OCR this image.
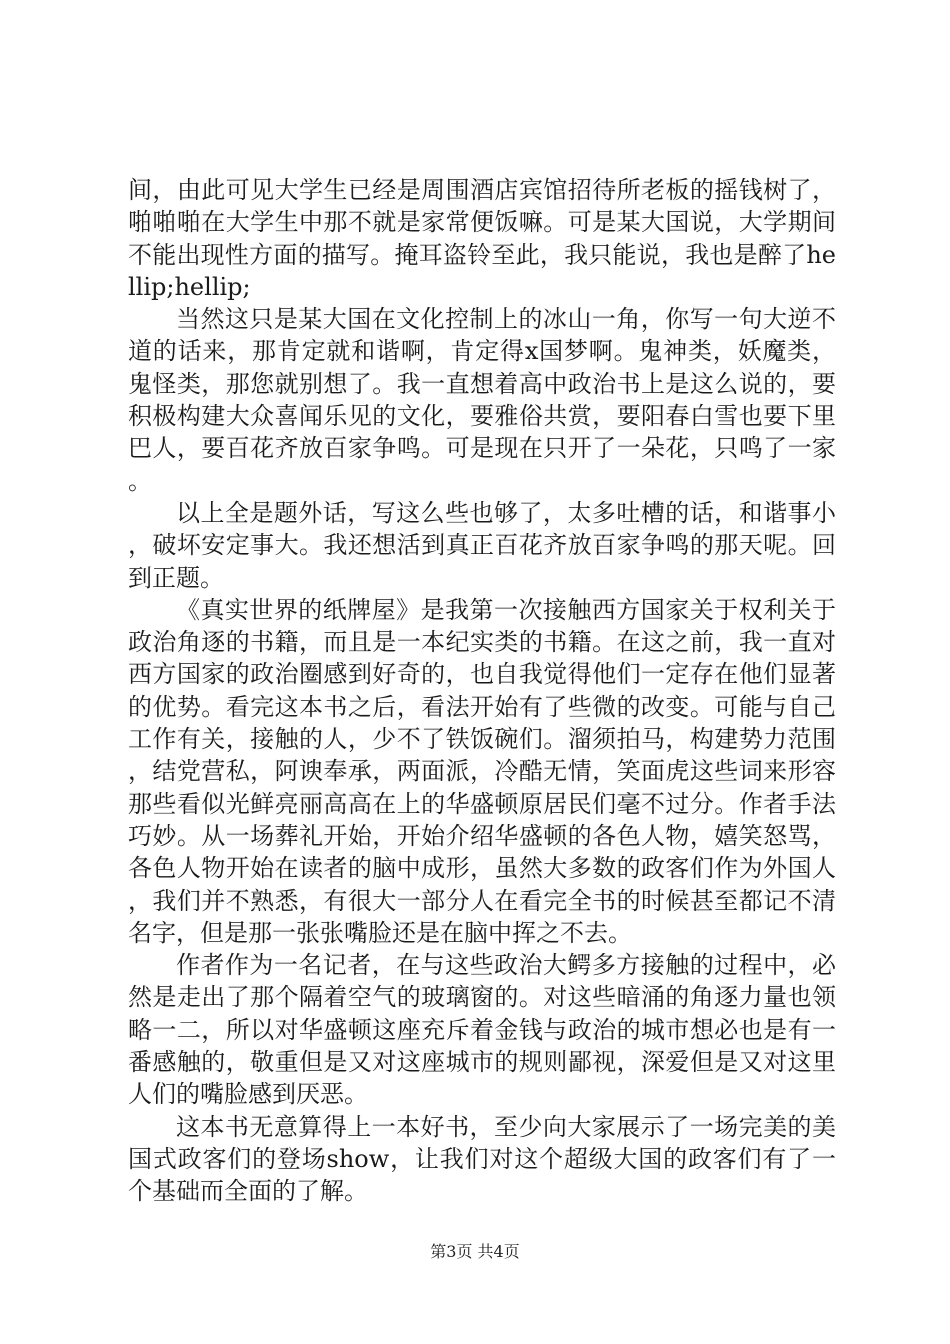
间，由此可见大学生已经是周围酒店宾馆招待所老板的摇钱树了，啪啪啪在大学生中那不就是家常便饭嘛。可是某大国说，大学期间不能出现性方面的描写。掩耳盗铃至此，我只能说，我也是醉了hellip;hellip;

当然这只是某大国在文化控制上的冰山一角，你写一句大逆不道的话来，那肯定就和谐啊，肯定得x国梦啊。鬼神类，妖魔类，鬼怪类，那您就别想了。我一直想着高中政治书上是这么说的，要积极构建大众喜闻乐见的文化，要雅俗共赏，要阳春白雪也要下里巴人，要百花齐放百家争鸣。可是现在只开了一朵花，只鸣了一家。

以上全是题外话，写这么些也够了，太多吐槽的话，和谐事小，破坏安定事大。我还想活到真正百花齐放百家争鸣的那天呢。回到正题。

《真实世界的纸牌屋》是我第一次接触西方国家关于权利关于政治角逐的书籍，而且是一本纪实类的书籍。在这之前，我一直对西方国家的政治圈感到好奇的，也自我觉得他们一定存在他们显著的优势。看完这本书之后，看法开始有了些微的改变。可能与自己工作有关，接触的人，少不了铁饭碗们。溜须拍马，构建势力范围，结党营私，阿谀奉承，两面派，冷酷无情，笑面虎这些词来形容那些看似光鲜亮丽高高在上的华盛顿原居民们毫不过分。作者手法巧妙。从一场葬礼开始，开始介绍华盛顿的各色人物，嬉笑怒骂，各色人物开始在读者的脑中成形，虽然大多数的政客们作为外国人，我们并不熟悉，有很大一部分人在看完全书的时候甚至都记不清名字，但是那一张张嘴脸还是在脑中挥之不去。

作者作为一名记者，在与这些政治大鳄多方接触的过程中，必然是走出了那个隔着空气的玻璃窗的。对这些暗涌的角逐力量也领略一二，所以对华盛顿这座充斥着金钱与政治的城市想必也是有一番感触的，敬重但是又对这座城市的规则鄙视，深爱但是又对这里人们的嘴脸感到厌恶。

这本书无意算得上一本好书，至少向大家展示了一场完美的美国式政客们的登场show，让我们对这个超级大国的政客们有了一个基础而全面的了解。

第3页 共4页
